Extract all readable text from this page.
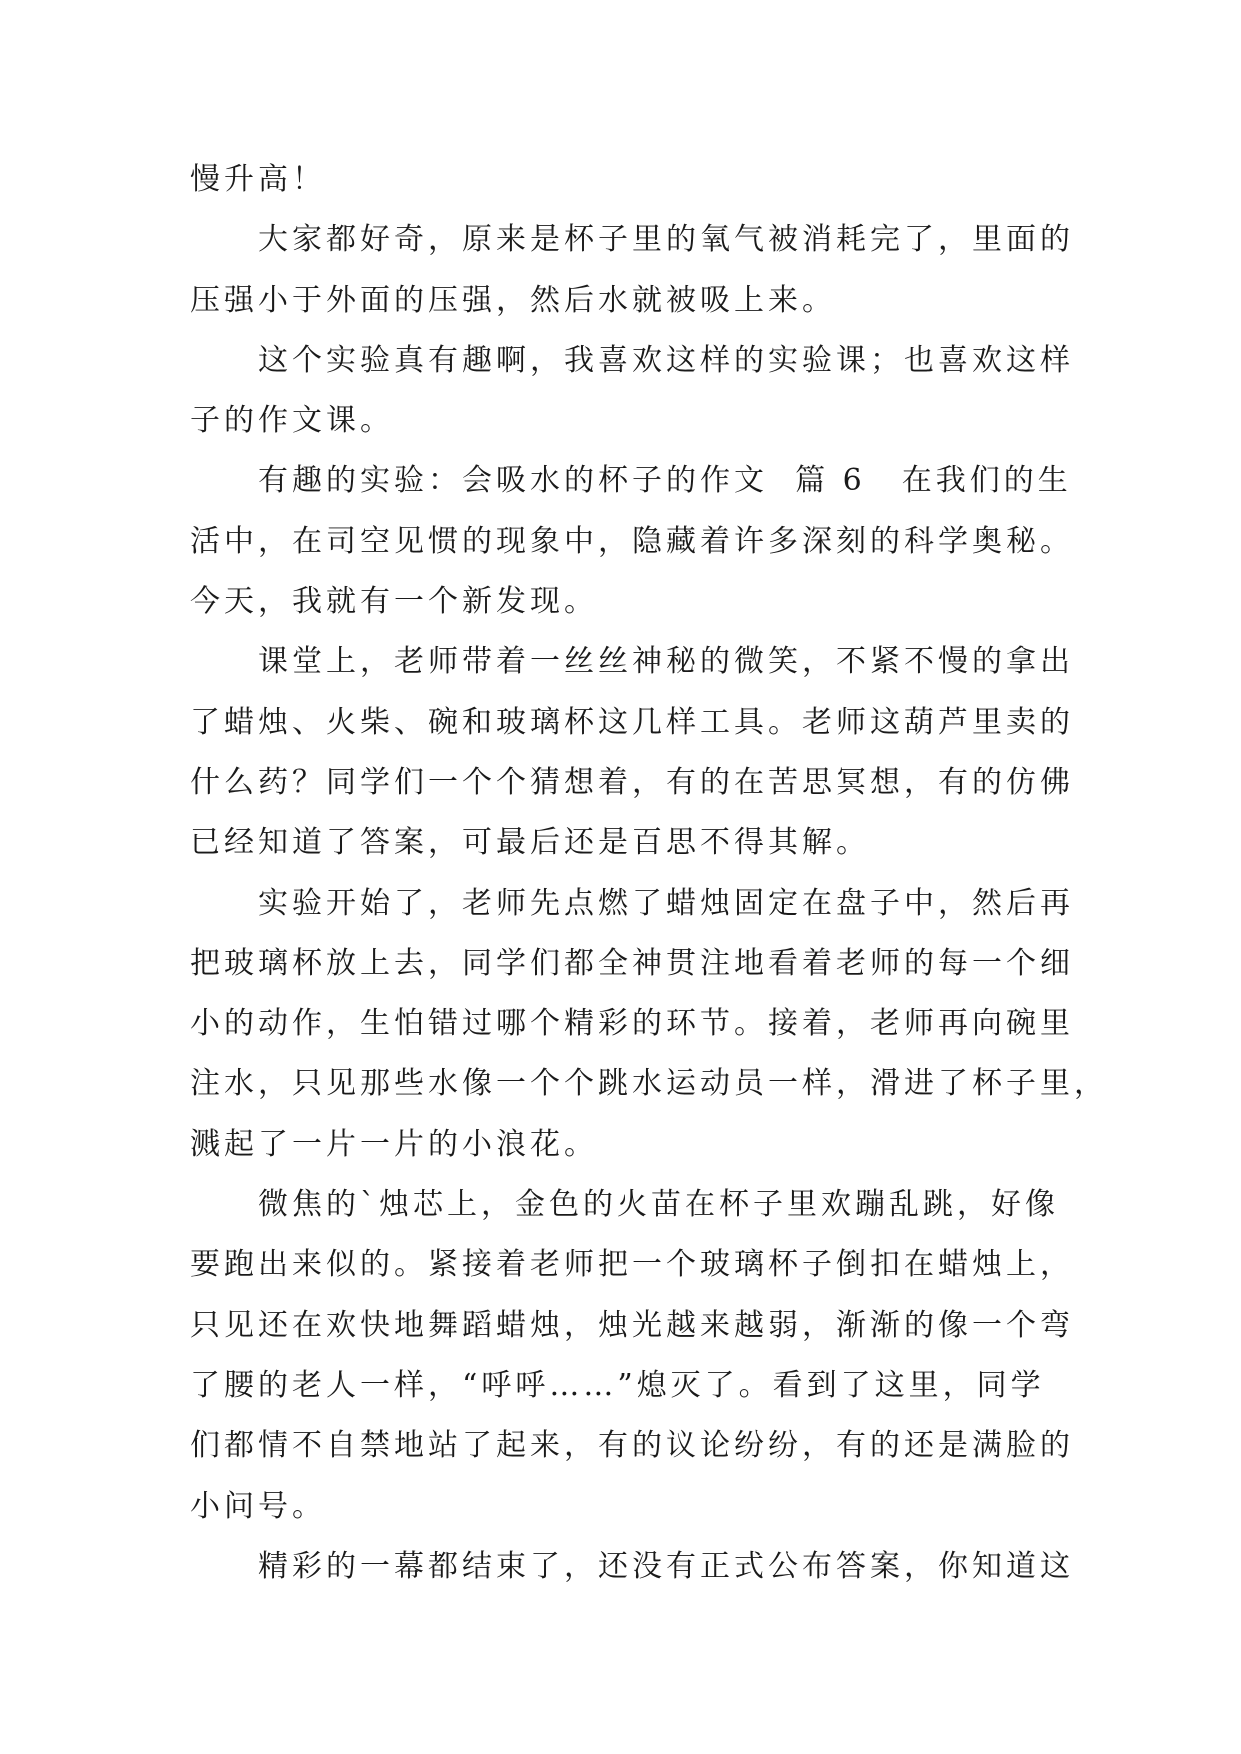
慢升高！

大家都好奇，原来是杯子里的氧气被消耗完了，里面的
压强小于外面的压强，然后水就被吸上来。

这个实验真有趣啊，我喜欢这样的实验课；也喜欢这样
子的作文课。

有趣的实验：会吸水的杯子的作文  篇 6 在我们的生
活中，在司空见惯的现象中，隐藏着许多深刻的科学奥秘。
今天，我就有一个新发现。

课堂上，老师带着一丝丝神秘的微笑，不紧不慢的拿出
了蜡烛、火柴、碗和玻璃杯这几样工具。老师这葫芦里卖的
什么药？同学们一个个猜想着，有的在苦思冥想，有的仿佛
已经知道了答案，可最后还是百思不得其解。

实验开始了，老师先点燃了蜡烛固定在盘子中，然后再
把玻璃杯放上去，同学们都全神贯注地看着老师的每一个细
小的动作，生怕错过哪个精彩的环节。接着，老师再向碗里
注水，只见那些水像一个个跳水运动员一样，滑进了杯子里，
溅起了一片一片的小浪花。

微焦的`烛芯上，金色的火苗在杯子里欢蹦乱跳，好像
要跑出来似的。紧接着老师把一个玻璃杯子倒扣在蜡烛上，
只见还在欢快地舞蹈蜡烛，烛光越来越弱，渐渐的像一个弯
了腰的老人一样，“呼呼……”熄灭了。看到了这里，同学
们都情不自禁地站了起来，有的议论纷纷，有的还是满脸的
小问号。

精彩的一幕都结束了，还没有正式公布答案，你知道这
